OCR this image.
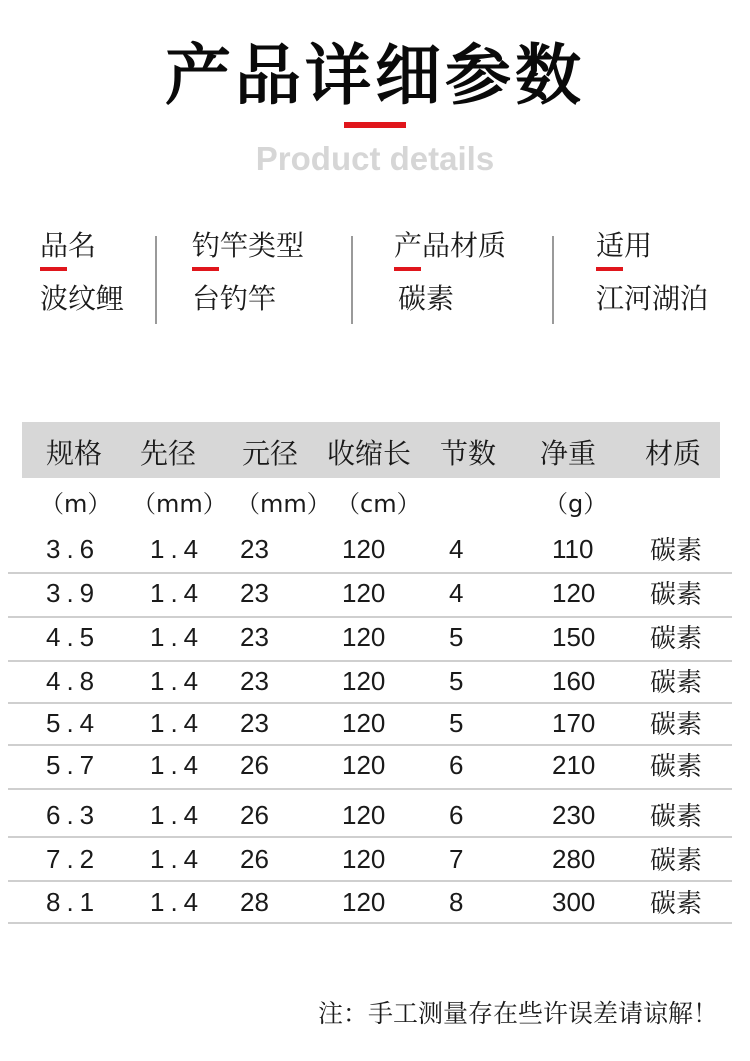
产品详细参数
Product details
品名
波纹鲤
钓竿类型
台钓竿
产品材质
碳素
适用
江河湖泊
规格 先径 元径 收缩长 节数 净重 材质
（m） （mm） （mm） （cm）	（g）
3.6 1.4 23	120 4	110 碳素
3.9 1.4 23	120 4	120 碳素
4.5 1.4 23	120 5	150 碳素
4.8 1.4 23	120 5	160 碳素
5.4 1.4 23	120 5	170 碳素
5.7 1.4 26	120 6	210 碳素
6.3 1.4 26	120 6	230 碳素
7.2 1.4 26	120 7	280 碳素
8.1 1.4 28	120 8	300 碳素
注：手工测量存在些许误差请谅解！
